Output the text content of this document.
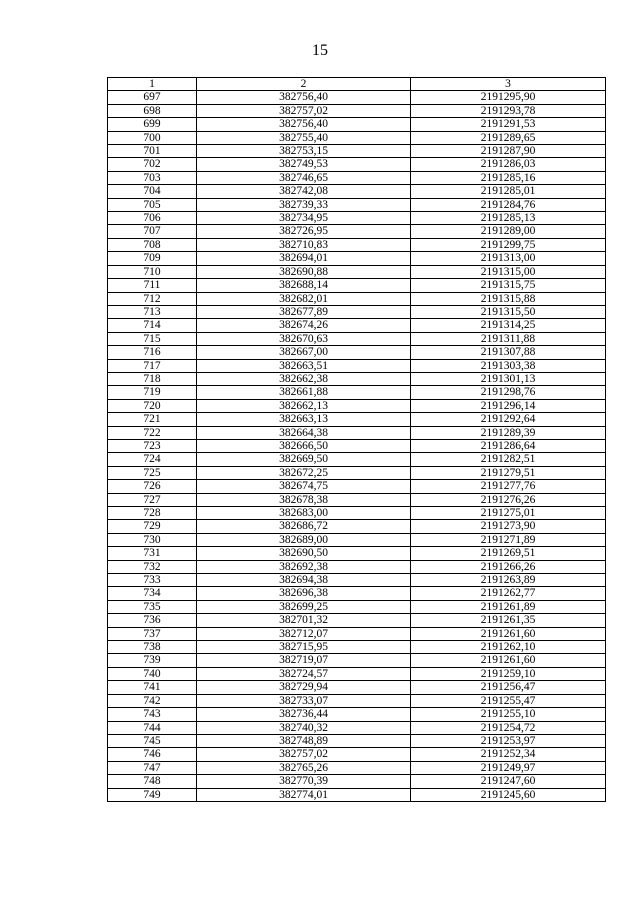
15
1	2	3
697	382756,40	2191295,90
698	382757,02	2191293,78
699	382756,40	2191291,53
700	382755,40	2191289,65
701	382753,15	2191287,90
702	382749,53	2191286,03
703	382746,65	2191285,16
704	382742,08	2191285,01
705	382739,33	2191284,76
706	382734,95	2191285,13
707	382726,95	2191289,00
708	382710,83	2191299,75
709	382694,01	2191313,00
710	382690,88	2191315,00
711	382688,14	2191315,75
712	382682,01	2191315,88
713	382677,89	2191315,50
714	382674,26	2191314,25
715	382670,63	2191311,88
716	382667,00	2191307,88
717	382663,51	2191303,38
718	382662,38	2191301,13
719	382661,88	2191298,76
720	382662,13	2191296,14
721	382663,13	2191292,64
722	382664,38	2191289,39
723	382666,50	2191286,64
724	382669,50	2191282,51
725	382672,25	2191279,51
726	382674,75	2191277,76
727	382678,38	2191276,26
728	382683,00	2191275,01
729	382686,72	2191273,90
730	382689,00	2191271,89
731	382690,50	2191269,51
732	382692,38	2191266,26
733	382694,38	2191263,89
734	382696,38	2191262,77
735	382699,25	2191261,89
736	382701,32	2191261,35
737	382712,07	2191261,60
738	382715,95	2191262,10
739	382719,07	2191261,60
740	382724,57	2191259,10
741	382729,94	2191256,47
742	382733,07	2191255,47
743	382736,44	2191255,10
744	382740,32	2191254,72
745	382748,89	2191253,97
746	382757,02	2191252,34
747	382765,26	2191249,97
748	382770,39	2191247,60
749	382774,01	2191245,60
